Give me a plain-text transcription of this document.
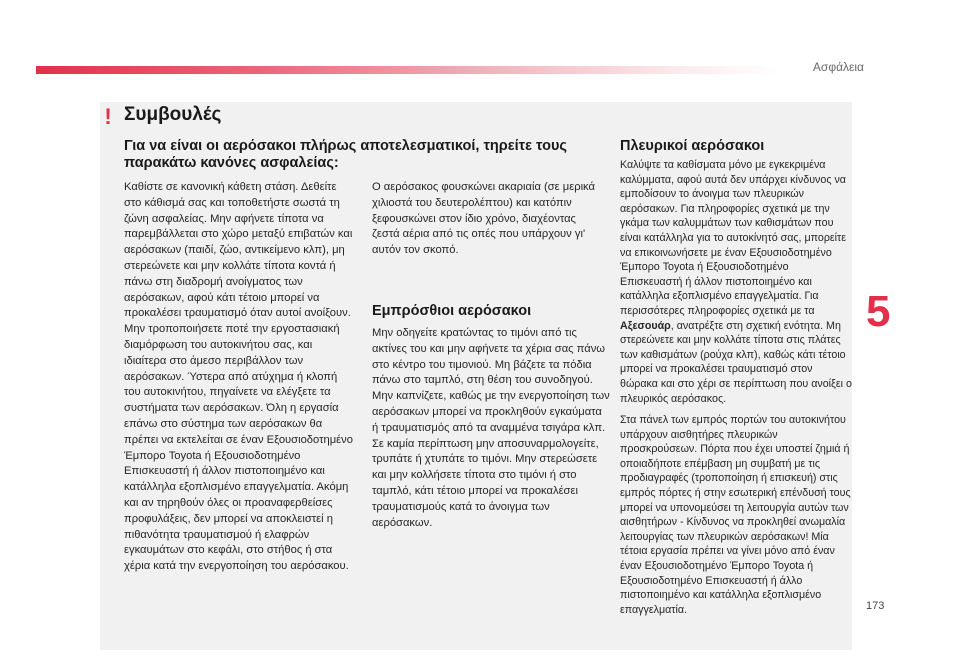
Ασφάλεια
5
173
! Συμβουλές
Για να είναι οι αερόσακοι πλήρως αποτελεσματικοί, τηρείτε τους παρακάτω κανόνες ασφαλείας:

Καθίστε σε κανονική κάθετη στάση. Δεθείτε στο κάθισμά σας και τοποθετήστε σωστά τη ζώνη ασφαλείας. Μην αφήνετε τίποτα να παρεμβάλλεται στο χώρο μεταξύ επιβατών και αερόσακων (παιδί, ζώο, αντικείμενο κλπ), μη στερεώνετε και μην κολλάτε τίποτα κοντά ή πάνω στη διαδρομή ανοίγματος των αερόσακων, αφού κάτι τέτοιο μπορεί να προκαλέσει τραυματισμό όταν αυτοί ανοίξουν. Μην τροποποιήσετε ποτέ την εργοστασιακή διαμόρφωση του αυτοκινήτου σας, και ιδιαίτερα στο άμεσο περιβάλλον των αερόσακων. Ύστερα από ατύχημα ή κλοπή του αυτοκινήτου, πηγαίνετε να ελέγξετε τα συστήματα των αερόσακων. Όλη η εργασία επάνω στο σύστημα των αερόσακων θα πρέπει να εκτελείται σε έναν Εξουσιοδοτημένο Έμπορο Toyota ή Εξουσιοδοτημένο Επισκευαστή ή άλλον πιστοποιημένο και κατάλληλα εξοπλισμένο επαγγελματία. Ακόμη και αν τηρηθούν όλες οι προαναφερθείσες προφυλάξεις, δεν μπορεί να αποκλειστεί η πιθανότητα τραυματισμού ή ελαφρών εγκαυμάτων στο κεφάλι, στο στήθος ή στα χέρια κατά την ενεργοποίηση του αερόσακου.

Ο αερόσακος φουσκώνει ακαριαία (σε μερικά χιλιοστά του δευτερολέπτου) και κατόπιν ξεφουσκώνει στον ίδιο χρόνο, διαχέοντας ζεστά αέρια από τις οπές που υπάρχουν γι' αυτόν τον σκοπό.

Εμπρόσθιοι αερόσακοι

Μην οδηγείτε κρατώντας το τιμόνι από τις ακτίνες του και μην αφήνετε τα χέρια σας πάνω στο κέντρο του τιμονιού. Μη βάζετε τα πόδια πάνω στο ταμπλό, στη θέση του συνοδηγού. Μην καπνίζετε, καθώς με την ενεργοποίηση των αερόσακων μπορεί να προκληθούν εγκαύματα ή τραυματισμός από τα αναμμένα τσιγάρα κλπ. Σε καμία περίπτωση μην αποσυναρμολογείτε, τρυπάτε ή χτυπάτε το τιμόνι. Μην στερεώσετε και μην κολλήσετε τίποτα στο τιμόνι ή στο ταμπλό, κάτι τέτοιο μπορεί να προκαλέσει τραυματισμούς κατά το άνοιγμα των αερόσακων.

Πλευρικοί αερόσακοι

Καλύψτε τα καθίσματα μόνο με εγκεκριμένα καλύμματα, αφού αυτά δεν υπάρχει κίνδυνος να εμποδίσουν το άνοιγμα των πλευρικών αερόσακων. Για πληροφορίες σχετικά με την γκάμα των καλυμμάτων των καθισμάτων που είναι κατάλληλα για το αυτοκίνητό σας, μπορείτε να επικοινωνήσετε με έναν Εξουσιοδοτημένο Έμπορο Toyota ή Εξουσιοδοτημένο Επισκευαστή ή άλλον πιστοποιημένο και κατάλληλα εξοπλισμένο επαγγελματία. Για περισσότερες πληροφορίες σχετικά με τα Αξεσουάρ, ανατρέξτε στη σχετική ενότητα. Μη στερεώνετε και μην κολλάτε τίποτα στις πλάτες των καθισμάτων (ρούχα κλπ), καθώς κάτι τέτοιο μπορεί να προκαλέσει τραυματισμό στον θώρακα και στο χέρι σε περίπτωση που ανοίξει ο πλευρικός αερόσακος.

Στα πάνελ των εμπρός πορτών του αυτοκινήτου υπάρχουν αισθητήρες πλευρικών προσκρούσεων. Πόρτα που έχει υποστεί ζημιά ή οποιαδήποτε επέμβαση μη συμβατή με τις προδιαγραφές (τροποποίηση ή επισκευή) στις εμπρός πόρτες ή στην εσωτερική επένδυσή τους μπορεί να υπονομεύσει τη λειτουργία αυτών των αισθητήρων - Κίνδυνος να προκληθεί ανωμαλία λειτουργίας των πλευρικών αερόσακων! Μία τέτοια εργασία πρέπει να γίνει μόνο από έναν έναν Εξουσιοδοτημένο Έμπορο Toyota ή Εξουσιοδοτημένο Επισκευαστή ή άλλο πιστοποιημένο και κατάλληλα εξοπλισμένο επαγγελματία.
